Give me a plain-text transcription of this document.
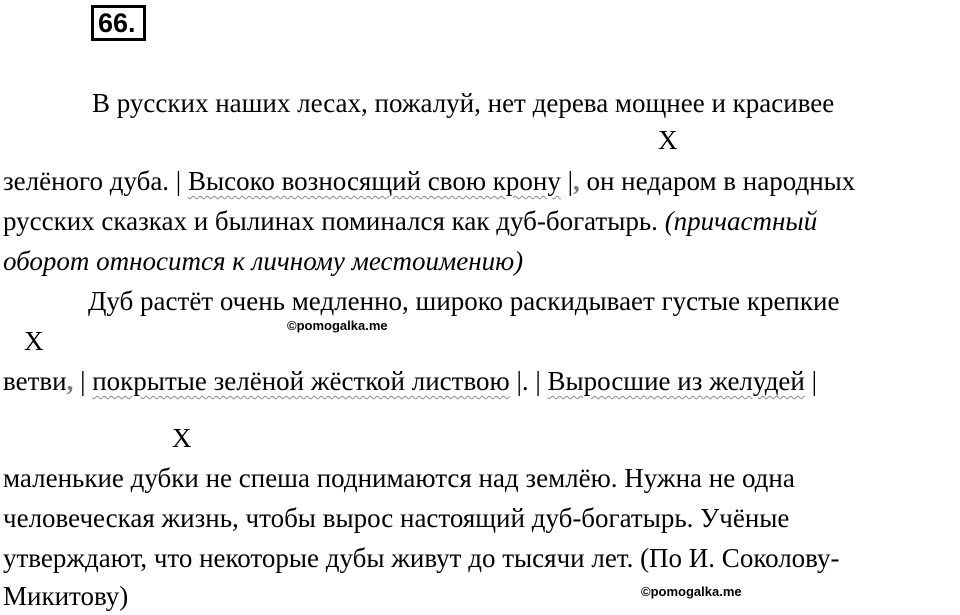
66.
В русских наших лесах, пожалуй, нет дерева мощнее и красивее
X
зелёного дуба. | Высоко возносящий свою крону |, он недаром в народных
русских сказках и былинах поминался как дуб-богатырь. (причастный
оборот относится к личному местоимению)
Дуб растёт очень медленно, широко раскидывает густые крепкие
©pomogalka.me
X
ветви, | покрытые зелёной жёсткой листвою |. | Выросшие из желудей |
X
маленькие дубки не спеша поднимаются над землёю. Нужна не одна
человеческая жизнь, чтобы вырос настоящий дуб-богатырь. Учёные
утверждают, что некоторые дубы живут до тысячи лет. (По И. Соколову-
Микитову)	©pomogalka.me
